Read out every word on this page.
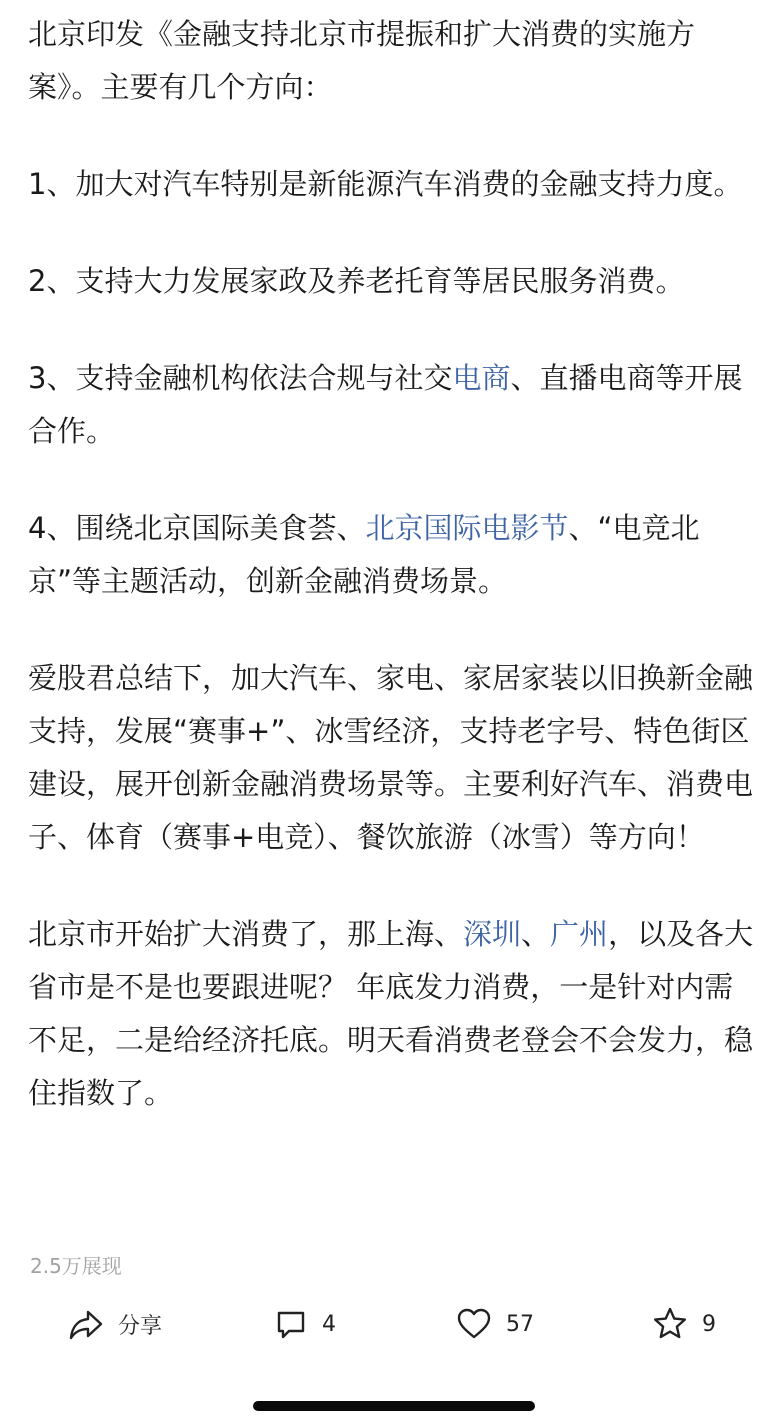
北京印发《金融支持北京市提振和扩大消费的实施方案》。主要有几个方向：

1、加大对汽车特别是新能源汽车消费的金融支持力度。

2、支持大力发展家政及养老托育等居民服务消费。

3、支持金融机构依法合规与社交电商、直播电商等开展合作。

4、围绕北京国际美食荟、北京国际电影节、“电竞北京”等主题活动，创新金融消费场景。

爱股君总结下，加大汽车、家电、家居家装以旧换新金融支持，发展“赛事+”、冰雪经济，支持老字号、特色街区建设，展开创新金融消费场景等。主要利好汽车、消费电子、体育（赛事+电竞）、餐饮旅游（冰雪）等方向！

北京市开始扩大消费了，那上海、深圳、广州，以及各大省市是不是也要跟进呢？ 年底发力消费，一是针对内需不足，二是给经济托底。明天看消费老登会不会发力，稳住指数了。

2.5万展现
分享	4	57	9
